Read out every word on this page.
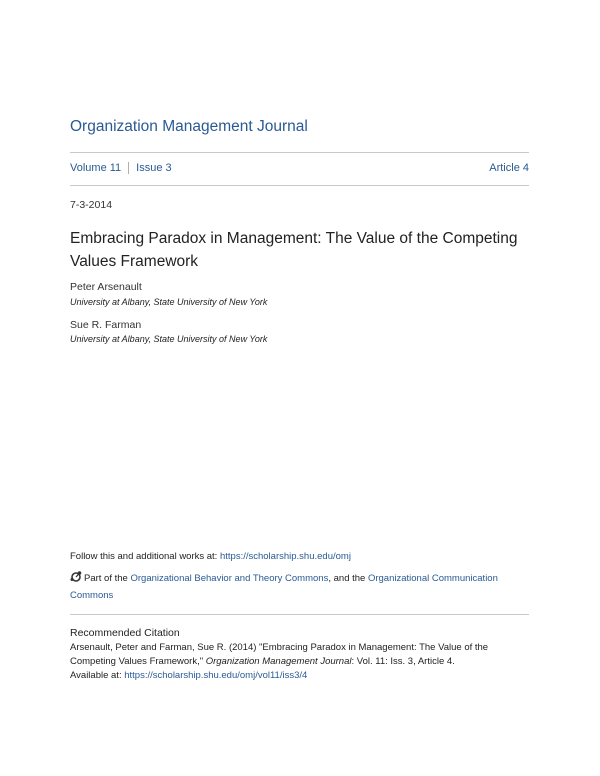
Organization Management Journal
Volume 11 Issue 3	Article 4
7-3-2014
Embracing Paradox in Management: The Value of the Competing Values Framework
Peter Arsenault
University at Albany, State University of New York
Sue R. Farman
University at Albany, State University of New York
Follow this and additional works at: https://scholarship.shu.edu/omj
Part of the Organizational Behavior and Theory Commons, and the Organizational Communication Commons
Recommended Citation
Arsenault, Peter and Farman, Sue R. (2014) "Embracing Paradox in Management: The Value of the Competing Values Framework," Organization Management Journal: Vol. 11: Iss. 3, Article 4.
Available at: https://scholarship.shu.edu/omj/vol11/iss3/4
